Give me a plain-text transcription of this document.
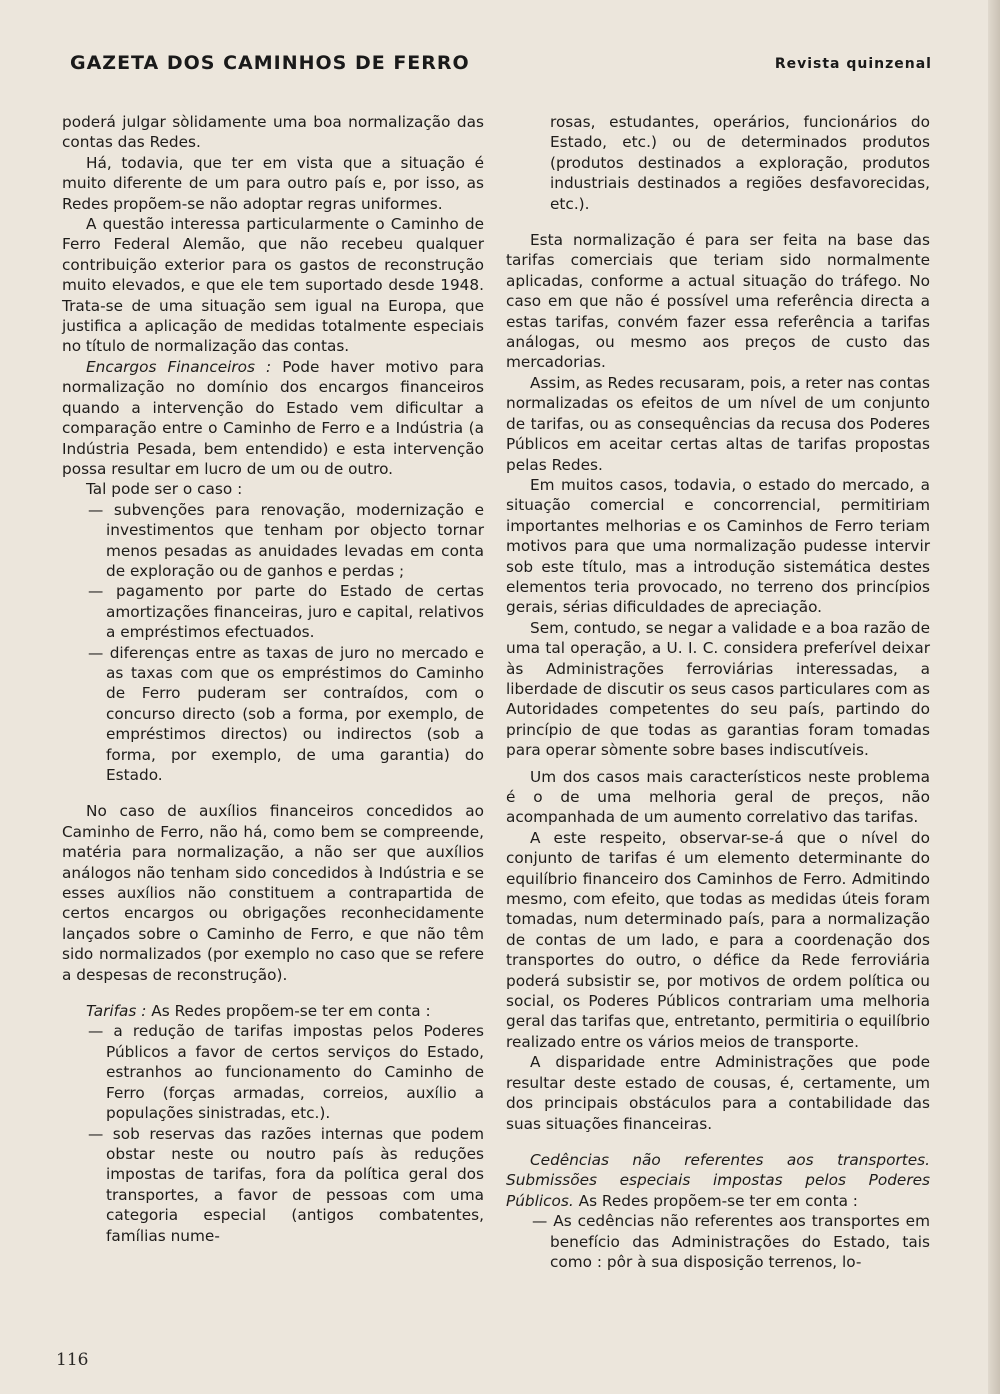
GAZETA DOS CAMINHOS DE FERRO	Revista quinzenal

poderá julgar sòlidamente uma boa normalização das contas das Redes.

Há, todavia, que ter em vista que a situação é muito diferente de um para outro país e, por isso, as Redes propõem-se não adoptar regras uniformes.

A questão interessa particularmente o Caminho de Ferro Federal Alemão, que não recebeu qualquer contribuição exterior para os gastos de reconstrução muito elevados, e que ele tem suportado desde 1948. Trata-se de uma situação sem igual na Europa, que justifica a aplicação de medidas totalmente especiais no título de normalização das contas.

Encargos Financeiros : Pode haver motivo para normalização no domínio dos encargos financeiros quando a intervenção do Estado vem dificultar a comparação entre o Caminho de Ferro e a Indústria (a Indústria Pesada, bem entendido) e esta intervenção possa resultar em lucro de um ou de outro.

Tal pode ser o caso :

— subvenções para renovação, modernização e investimentos que tenham por objecto tornar menos pesadas as anuidades levadas em conta de exploração ou de ganhos e perdas ;

— pagamento por parte do Estado de certas amortizações financeiras, juro e capital, relativos a empréstimos efectuados.

— diferenças entre as taxas de juro no mercado e as taxas com que os empréstimos do Caminho de Ferro puderam ser contraídos, com o concurso directo (sob a forma, por exemplo, de empréstimos directos) ou indirectos (sob a forma, por exemplo, de uma garantia) do Estado.

No caso de auxílios financeiros concedidos ao Caminho de Ferro, não há, como bem se compreende, matéria para normalização, a não ser que auxílios análogos não tenham sido concedidos à Indústria e se esses auxílios não constituem a contrapartida de certos encargos ou obrigações reconhecidamente lançados sobre o Caminho de Ferro, e que não têm sido normalizados (por exemplo no caso que se refere a despesas de reconstrução).

Tarifas : As Redes propõem-se ter em conta :

— a redução de tarifas impostas pelos Poderes Públicos a favor de certos serviços do Estado, estranhos ao funcionamento do Caminho de Ferro (forças armadas, correios, auxílio a populações sinistradas, etc.).

— sob reservas das razões internas que podem obstar neste ou noutro país às reduções impostas de tarifas, fora da política geral dos transportes, a favor de pessoas com uma categoria especial (antigos combatentes, famílias nume-

rosas, estudantes, operários, funcionários do Estado, etc.) ou de determinados produtos (produtos destinados a exploração, produtos industriais destinados a regiões desfavorecidas, etc.).

Esta normalização é para ser feita na base das tarifas comerciais que teriam sido normalmente aplicadas, conforme a actual situação do tráfego. No caso em que não é possível uma referência directa a estas tarifas, convém fazer essa referência a tarifas análogas, ou mesmo aos preços de custo das mercadorias.

Assim, as Redes recusaram, pois, a reter nas contas normalizadas os efeitos de um nível de um conjunto de tarifas, ou as consequências da recusa dos Poderes Públicos em aceitar certas altas de tarifas propostas pelas Redes.

Em muitos casos, todavia, o estado do mercado, a situação comercial e concorrencial, permitiriam importantes melhorias e os Caminhos de Ferro teriam motivos para que uma normalização pudesse intervir sob este título, mas a introdução sistemática destes elementos teria provocado, no terreno dos princípios gerais, sérias dificuldades de apreciação.

Sem, contudo, se negar a validade e a boa razão de uma tal operação, a U. I. C. considera preferível deixar às Administrações ferroviárias interessadas, a liberdade de discutir os seus casos particulares com as Autoridades competentes do seu país, partindo do princípio de que todas as garantias foram tomadas para operar sòmente sobre bases indiscutíveis.

Um dos casos mais característicos neste problema é o de uma melhoria geral de preços, não acompanhada de um aumento correlativo das tarifas.

A este respeito, observar-se-á que o nível do conjunto de tarifas é um elemento determinante do equilíbrio financeiro dos Caminhos de Ferro. Admitindo mesmo, com efeito, que todas as medidas úteis foram tomadas, num determinado país, para a normalização de contas de um lado, e para a coordenação dos transportes do outro, o défice da Rede ferroviária poderá subsistir se, por motivos de ordem política ou social, os Poderes Públicos contrariam uma melhoria geral das tarifas que, entretanto, permitiria o equilíbrio realizado entre os vários meios de transporte.

A disparidade entre Administrações que pode resultar deste estado de cousas, é, certamente, um dos principais obstáculos para a contabilidade das suas situações financeiras.

Cedências não referentes aos transportes. Submissões especiais impostas pelos Poderes Públicos. As Redes propõem-se ter em conta :

— As cedências não referentes aos transportes em benefício das Administrações do Estado, tais como : pôr à sua disposição terrenos, lo-

116
